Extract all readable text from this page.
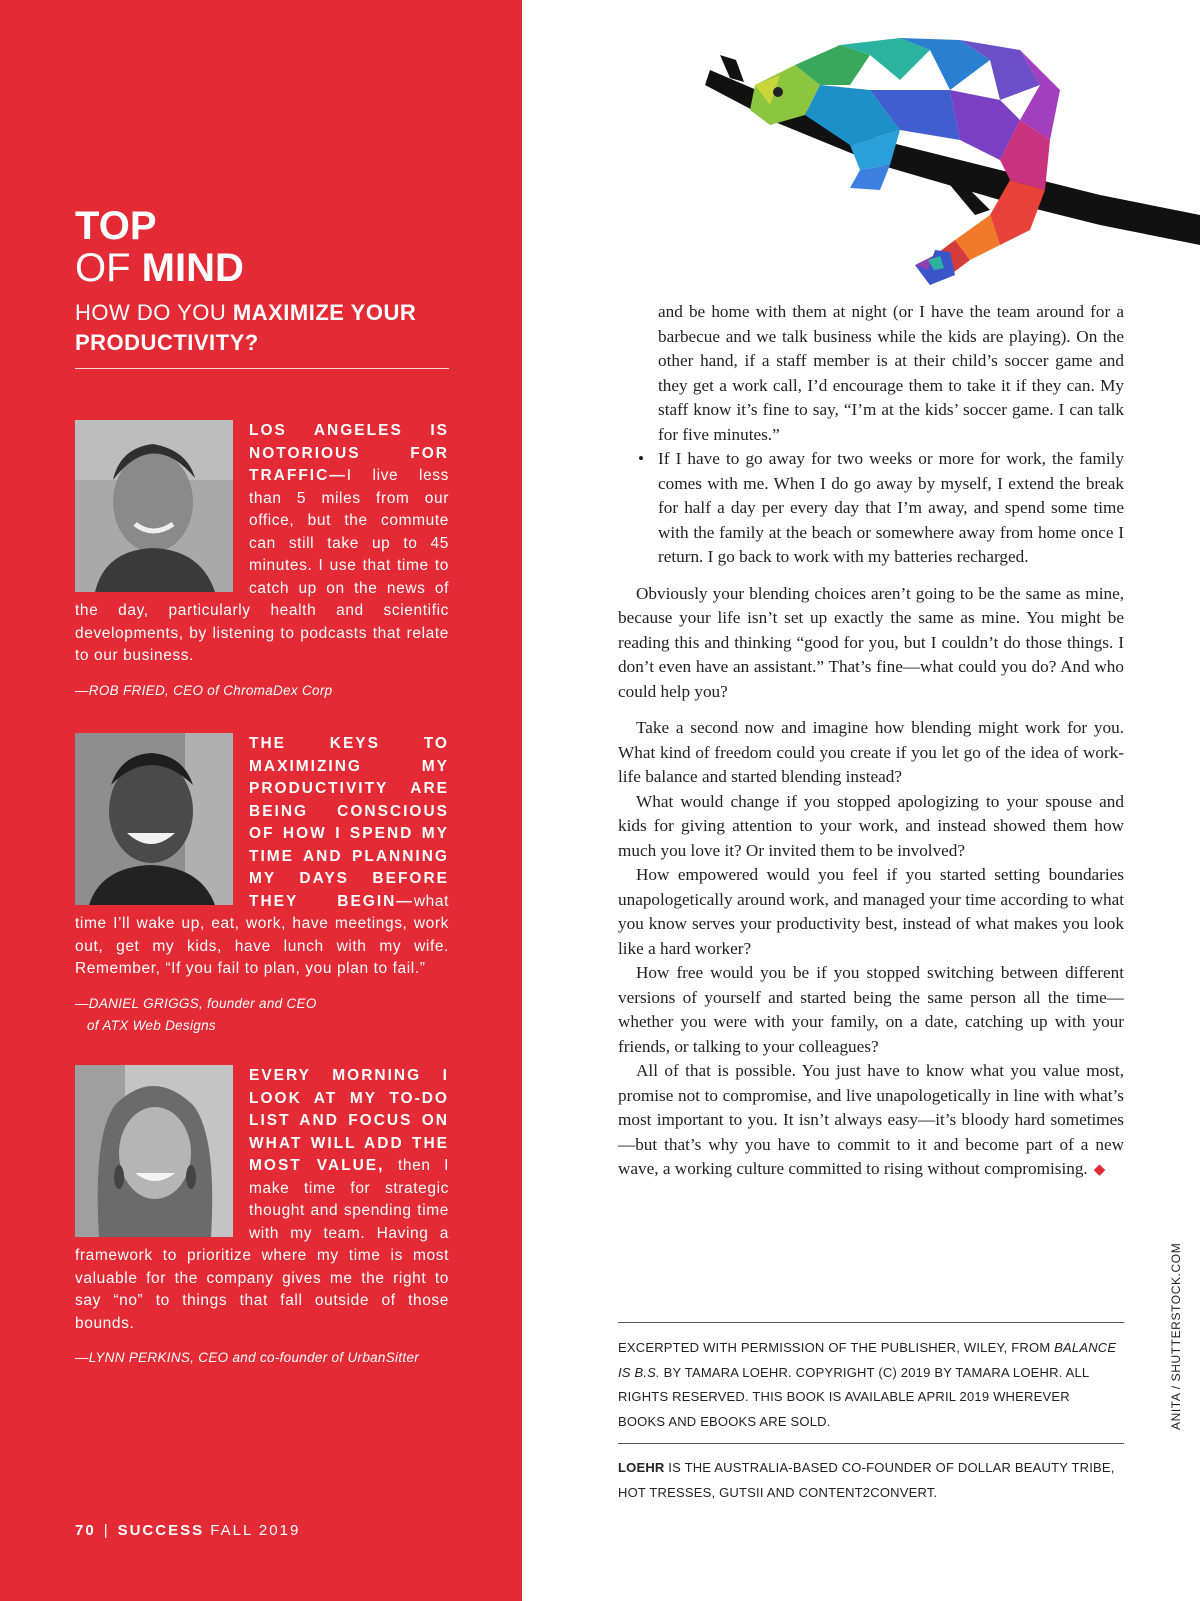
TOP
OF MIND
HOW DO YOU MAXIMIZE YOUR PRODUCTIVITY?
LOS ANGELES IS NOTORIOUS FOR TRAFFIC—I live less than 5 miles from our office, but the commute can still take up to 45 minutes. I use that time to catch up on the news of the day, particularly health and scientific developments, by listening to podcasts that relate to our business.
—ROB FRIED, CEO of ChromaDex Corp
THE KEYS TO MAXIMIZING MY PRODUCTIVITY ARE BEING CONSCIOUS OF HOW I SPEND MY TIME AND PLANNING MY DAYS BEFORE THEY BEGIN—what time I’ll wake up, eat, work, have meetings, work out, get my kids, have lunch with my wife. Remember, “If you fail to plan, you plan to fail.”
—DANIEL GRIGGS, founder and CEO
of ATX Web Designs
EVERY MORNING I LOOK AT MY TO-DO LIST AND FOCUS ON WHAT WILL ADD THE MOST VALUE, then I make time for strategic thought and spending time with my team. Having a framework to prioritize where my time is most valuable for the company gives me the right to say “no” to things that fall outside of those bounds.
—LYNN PERKINS, CEO and co-founder of UrbanSitter
70 | SUCCESS FALL 2019
and be home with them at night (or I have the team around for a barbecue and we talk business while the kids are playing). On the other hand, if a staff member is at their child’s soccer game and they get a work call, I’d encourage them to take it if they can. My staff know it’s fine to say, “I’m at the kids’ soccer game. I can talk for five minutes.”
• If I have to go away for two weeks or more for work, the family comes with me. When I do go away by myself, I extend the break for half a day per every day that I’m away, and spend some time with the family at the beach or somewhere away from home once I return. I go back to work with my batteries recharged.

Obviously your blending choices aren’t going to be the same as mine, because your life isn’t set up exactly the same as mine. You might be reading this and thinking “good for you, but I couldn’t do those things. I don’t even have an assistant.” That’s fine—what could you do? And who could help you?

Take a second now and imagine how blending might work for you. What kind of freedom could you create if you let go of the idea of work-life balance and started blending instead?

What would change if you stopped apologizing to your spouse and kids for giving attention to your work, and instead showed them how much you love it? Or invited them to be involved?

How empowered would you feel if you started setting boundaries unapologetically around work, and managed your time according to what you know serves your productivity best, instead of what makes you look like a hard worker?

How free would you be if you stopped switching between different versions of yourself and started being the same person all the time—whether you were with your family, on a date, catching up with your friends, or talking to your colleagues?

All of that is possible. You just have to know what you value most, promise not to compromise, and live unapologetically in line with what’s most important to you. It isn’t always easy—it’s bloody hard sometimes—but that’s why you have to commit to it and become part of a new wave, a working culture committed to rising without compromising. ◆

EXCERPTED WITH PERMISSION OF THE PUBLISHER, WILEY, FROM BALANCE IS B.S. BY TAMARA LOEHR. COPYRIGHT (C) 2019 BY TAMARA LOEHR. ALL RIGHTS RESERVED. THIS BOOK IS AVAILABLE APRIL 2019 WHEREVER BOOKS AND EBOOKS ARE SOLD.
LOEHR IS THE AUSTRALIA-BASED CO-FOUNDER OF DOLLAR BEAUTY TRIBE, HOT TRESSES, GUTSII AND CONTENT2CONVERT.
ANITA / SHUTTERSTOCK.COM
